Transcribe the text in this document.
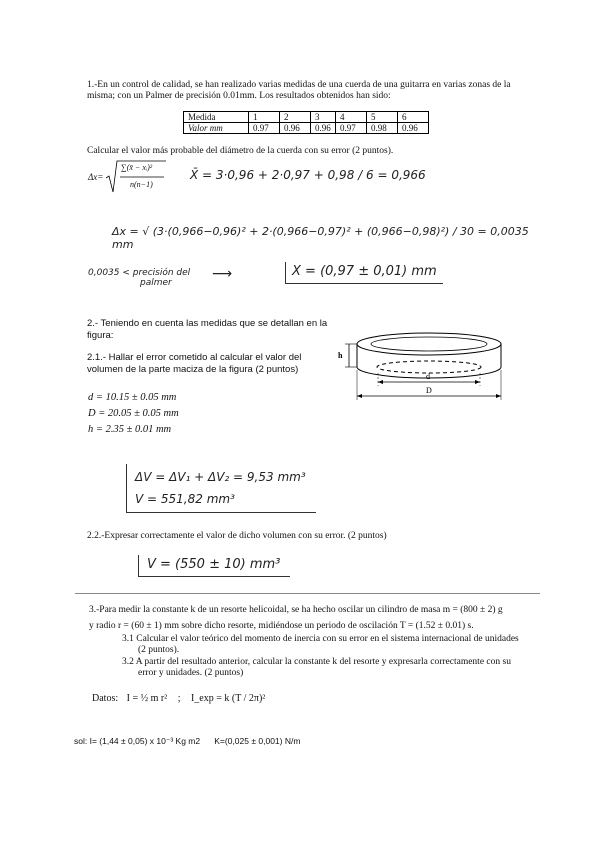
1.-En un control de calidad, se han realizado varias medidas de una cuerda de una guitarra en varias zonas de la
misma; con un Palmer de precisión 0.01mm. Los resultados obtenidos han sido:
Medida	1	2	3	4	5	6
Valor mm	0.97	0.96	0.96	0.97	0.98	0.96
Calcular el valor más probable del diámetro de la cuerda con su error (2 puntos).
Δx=
∑(x̄ − xᵢ)²
n(n−1)
X̄ = 3·0,96 + 2·0,97 + 0,98 / 6 = 0,966
Δx = √ (3·(0,966−0,96)² + 2·(0,966−0,97)² + (0,966−0,98)²) / 30 = 0,0035 mm
0,0035 < precisión del
palmer
⟶	X = (0,97 ± 0,01) mm
2.- Teniendo en cuenta las medidas que se detallan en la
figura:
2.1.- Hallar el error cometido al calcular el valor del
volumen de la parte maciza de la figura (2 puntos)
d = 10.15 ± 0.05 mm
D = 20.05 ± 0.05 mm
h = 2.35 ± 0.01 mm
h
d
D
ΔV = ΔV₁ + ΔV₂ = 9,53 mm³
V = 551,82 mm³
2.2.-Expresar correctamente el valor de dicho volumen con su error. (2 puntos)
V = (550 ± 10) mm³
3.-Para medir la constante k de un resorte helicoidal, se ha hecho oscilar un cilindro de masa m = (800 ± 2) g
y radio r = (60 ± 1) mm sobre dicho resorte, midiéndose un periodo de oscilación T = (1.52 ± 0.01) s.
3.1 Calcular el valor teórico del momento de inercia con su error en el sistema internacional de unidades
(2 puntos).
3.2 A partir del resultado anterior, calcular la constante k del resorte y expresarla correctamente con su
error y unidades. (2 puntos)
Datos: I = ½ m r² ; I_exp = k (T / 2π)²
sol: I= (1,44 ± 0,05) x 10⁻³ Kg m2      K=(0,025 ± 0,001) N/m
